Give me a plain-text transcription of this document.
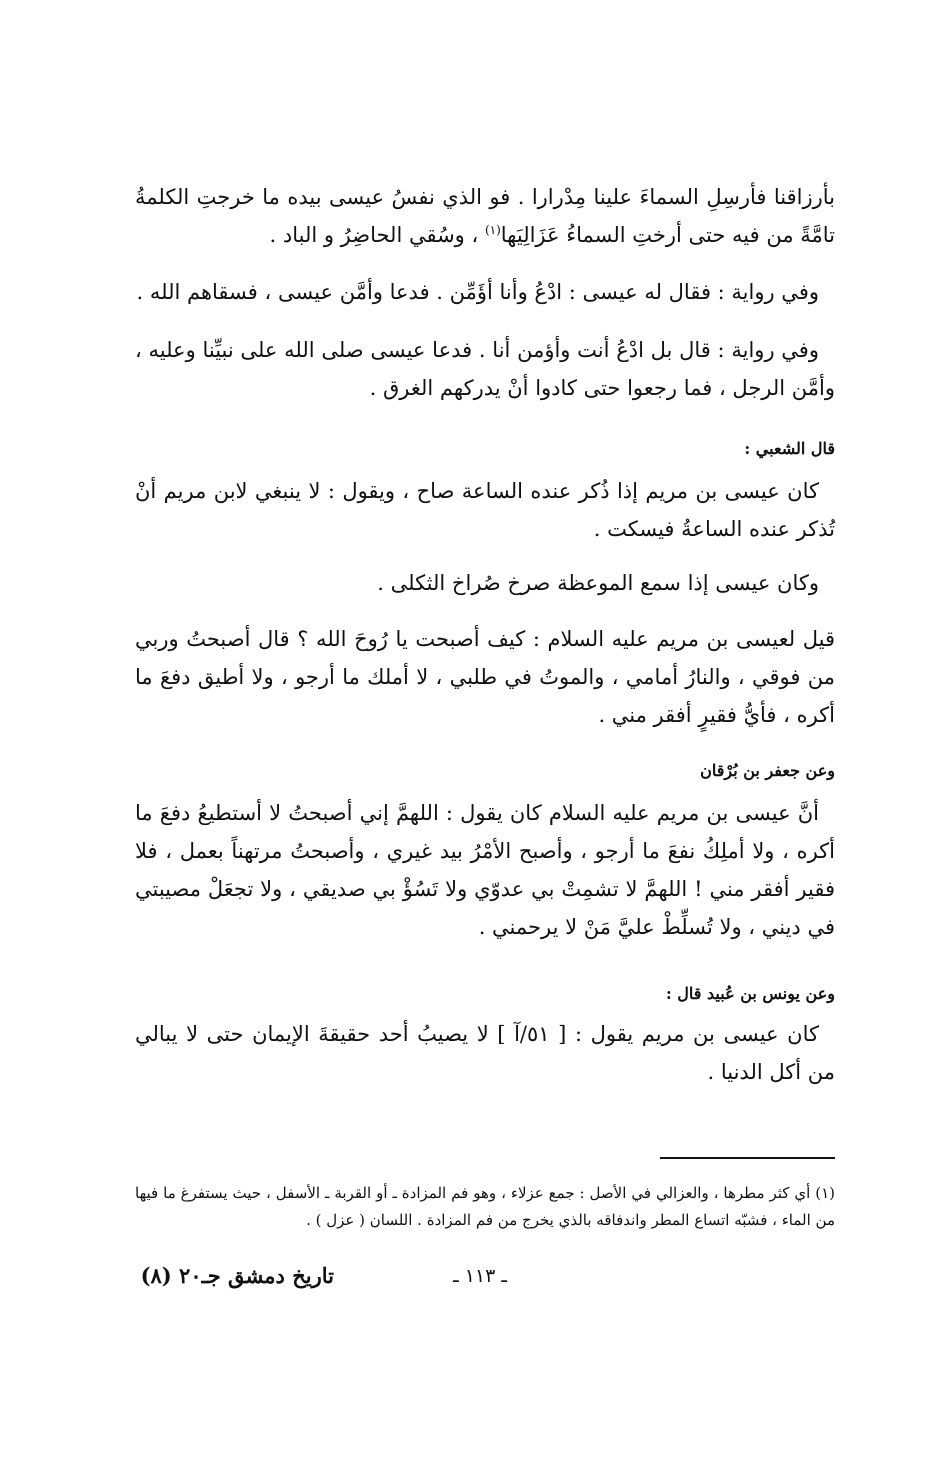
بأرزاقنا فأرسِلِ السماءَ علينا مِدْرارا . فو الذي نفسُ عيسى بيده ما خرجتِ الكلمةُ تامَّةً من فيه حتى أرختِ السماءُ عَزَالِيَها$^{(١)}$ ، وسُقي الحاضِرُ و الباد .

وفي رواية : فقال له عيسى : ادْعُ وأنا أؤَمِّن . فدعا وأمَّن عيسى ، فسقاهم الله .

وفي رواية : قال بل ادْعُ أنت وأؤمن أنا . فدعا عيسى صلى الله على نبيِّنا وعليه ، وأمَّن الرجل ، فما رجعوا حتى كادوا أنْ يدركهم الغرق .

قال الشعبي :

كان عيسى بن مريم إذا ذُكر عنده الساعة صاح ، ويقول : لا ينبغي لابن مريم أنْ تُذكر عنده الساعةُ فيسكت .

وكان عيسى إذا سمع الموعظة صرخ صُراخ الثكلى .

قيل لعيسى بن مريم عليه السلام : كيف أصبحت يا رُوحَ الله ؟ قال أصبحتُ وربي من فوقي ، والنارُ أمامي ، والموتُ في طلبي ، لا أملك ما أرجو ، ولا أطيق دفعَ ما أكره ، فأيُّ فقيرٍ أفقر مني .

وعن جعفر بن بُرْقان

أنَّ عيسى بن مريم عليه السلام كان يقول : اللهمَّ إني أصبحتُ لا أستطيعُ دفعَ ما أكره ، ولا أملِكُ نفعَ ما أرجو ، وأصبح الأمْرُ بيد غيري ، وأصبحتُ مرتهناً بعمل ، فلا فقير أفقر مني ! اللهمَّ لا تشمِتْ بي عدوّي ولا تَسُؤْ بي صديقي ، ولا تجعَلْ مصيبتي في ديني ، ولا تُسلِّطْ عليَّ مَنْ لا يرحمني .

وعن يونس بن عُبيد قال :

كان عيسى بن مريم يقول : [ ٥١/آ ] لا يصيبُ أحد حقيقةَ الإيمان حتى لا يبالي من أكل الدنيا .

(١) أي كثر مطرها ، والعزالي في الأصل : جمع عزلاء ، وهو فم المزادة ـ أو القربة ـ الأسفل ، حيث يستفرغ ما فيها من الماء ، فشبّه اتساع المطر واندفاقه بالذي يخرج من فم المزادة . اللسان ( عزل ) .

تاريخ دمشق جـ٢٠ (٨)	ـ ١١٣ ـ
